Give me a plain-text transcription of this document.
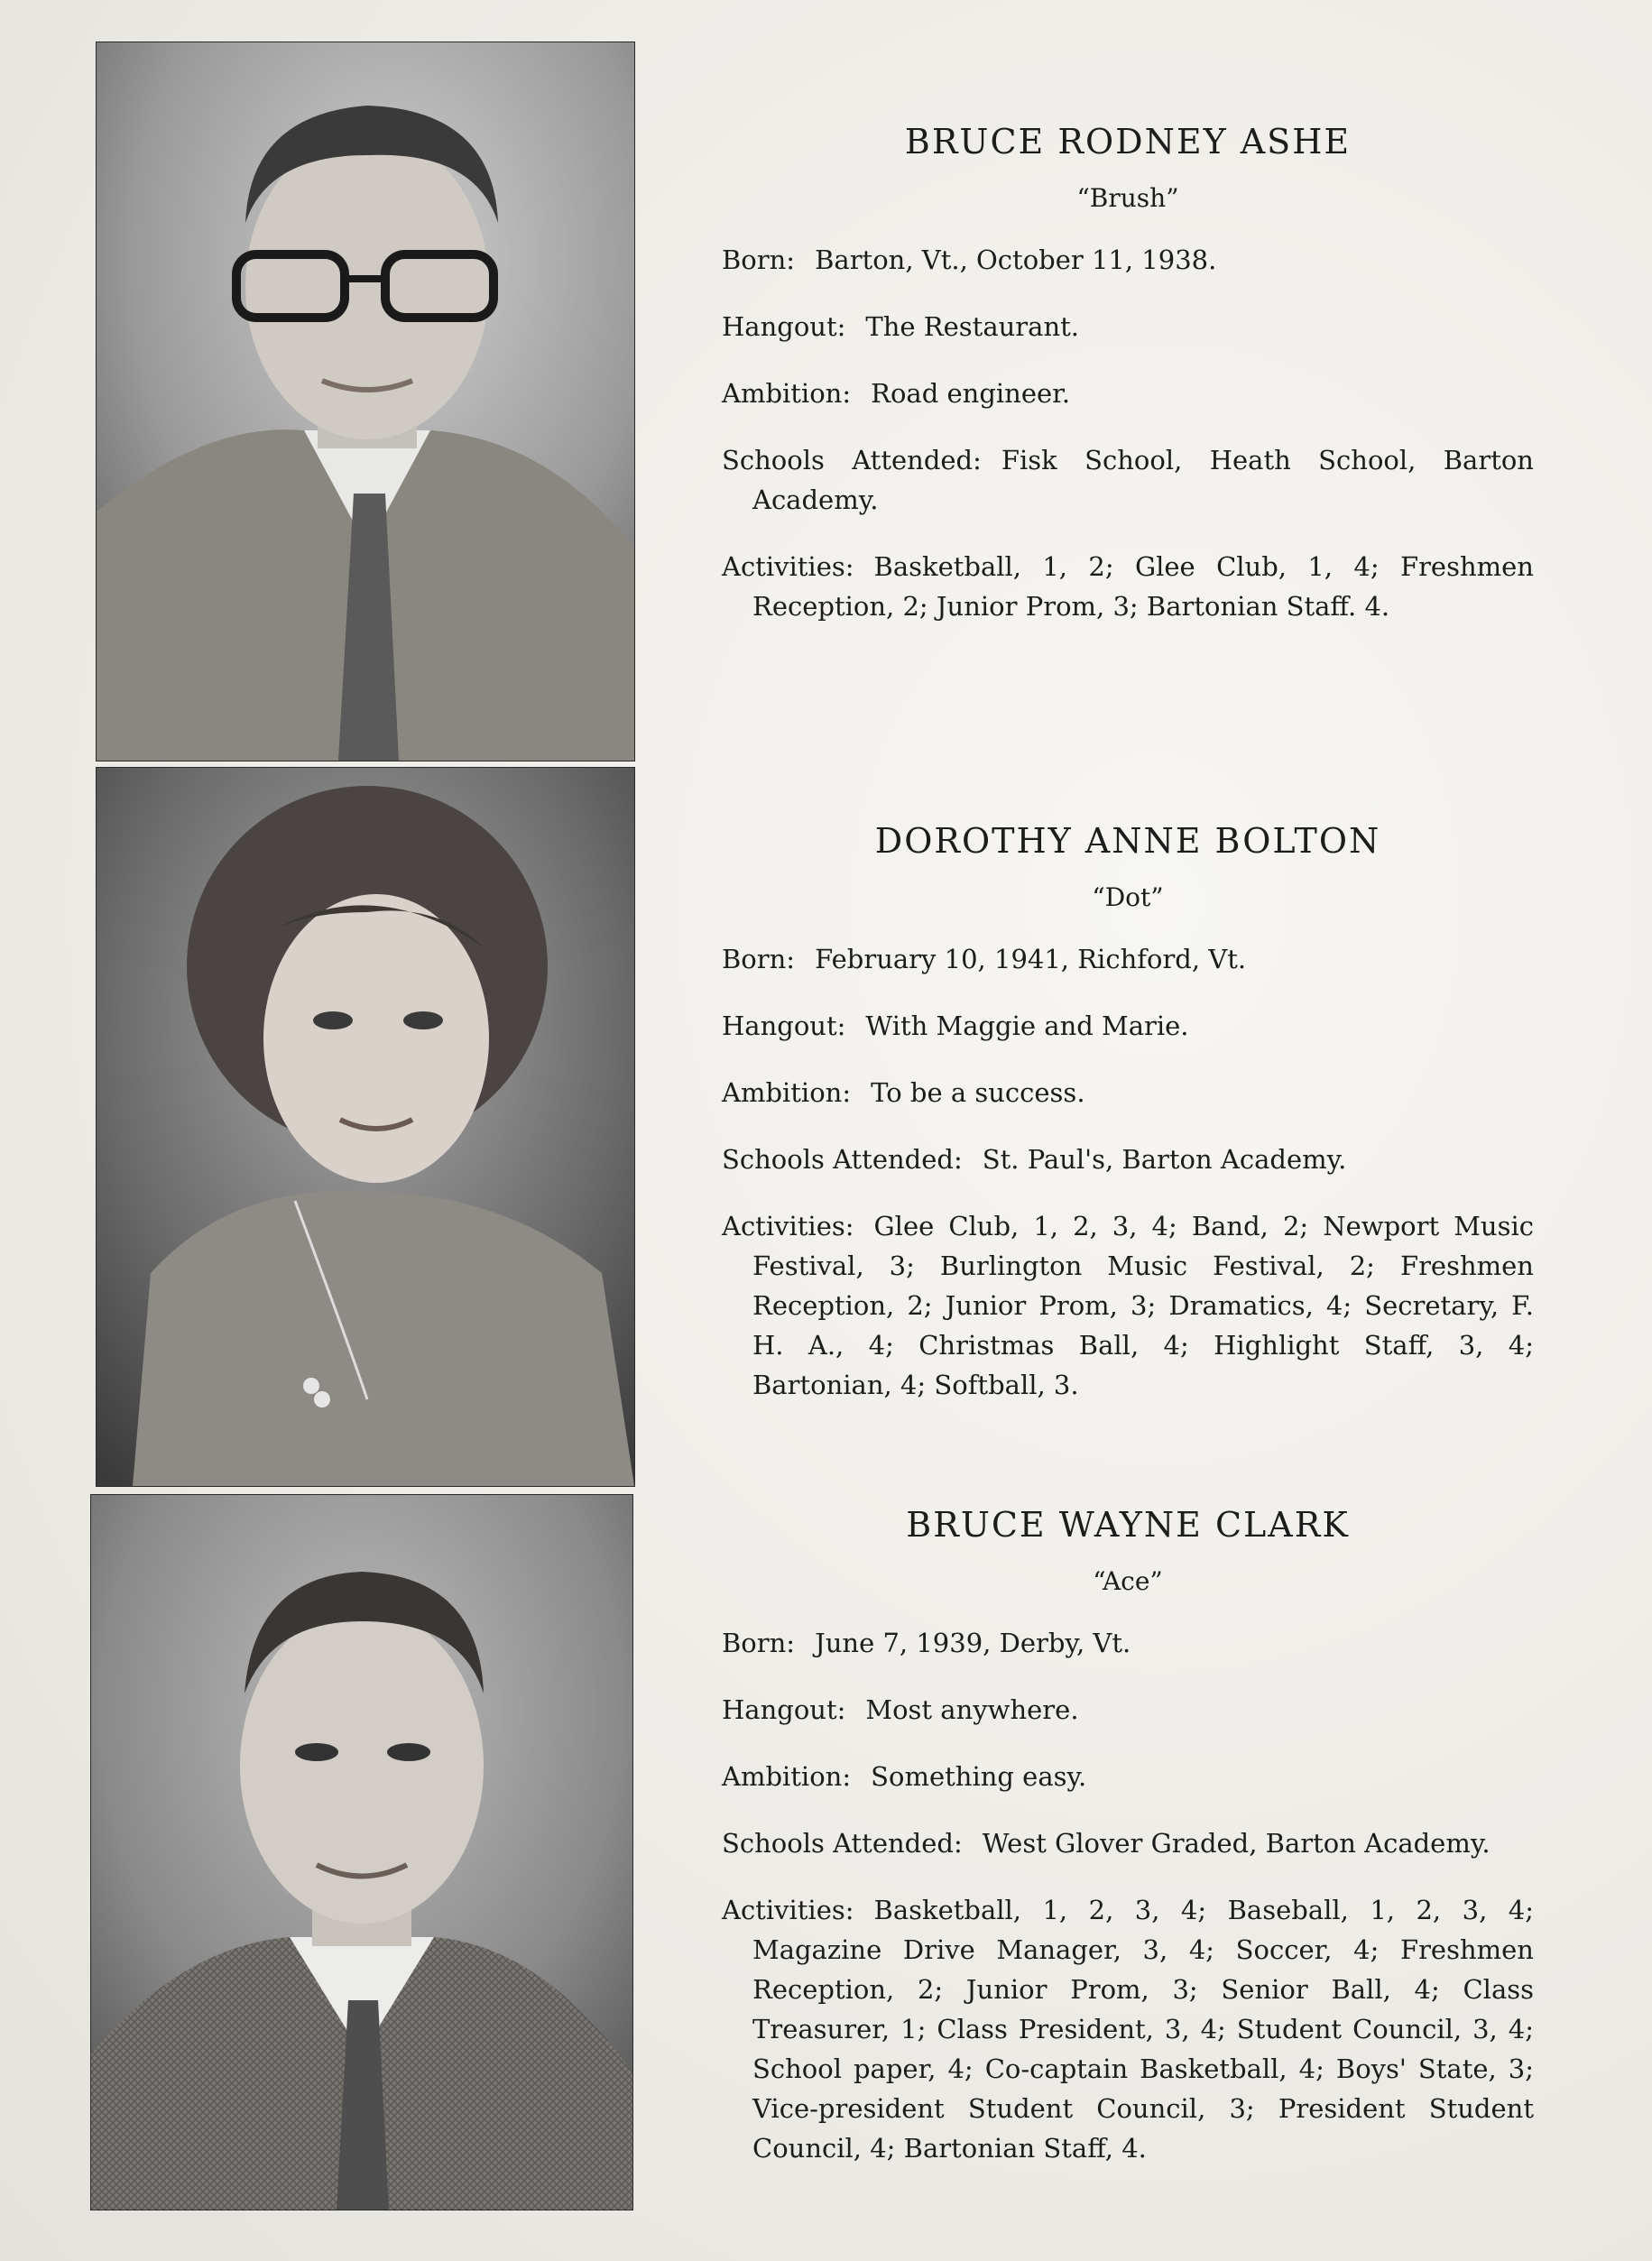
BRUCE RODNEY ASHE
“Brush”
Born: Barton, Vt., October 11, 1938.
Hangout: The Restaurant.
Ambition: Road engineer.
Schools Attended: Fisk School, Heath School, Barton Academy.
Activities: Basketball, 1, 2; Glee Club, 1, 4; Freshmen Reception, 2; Junior Prom, 3; Bartonian Staff. 4.
DOROTHY ANNE BOLTON
“Dot”
Born: February 10, 1941, Richford, Vt.
Hangout: With Maggie and Marie.
Ambition: To be a success.
Schools Attended: St. Paul's, Barton Academy.
Activities: Glee Club, 1, 2, 3, 4; Band, 2; Newport Music Festival, 3; Burlington Music Festival, 2; Freshmen Reception, 2; Junior Prom, 3; Dramatics, 4; Secretary, F. H. A., 4; Christmas Ball, 4; Highlight Staff, 3, 4; Bartonian, 4; Softball, 3.
BRUCE WAYNE CLARK
“Ace”
Born: June 7, 1939, Derby, Vt.
Hangout: Most anywhere.
Ambition: Something easy.
Schools Attended: West Glover Graded, Barton Academy.
Activities: Basketball, 1, 2, 3, 4; Baseball, 1, 2, 3, 4; Magazine Drive Manager, 3, 4; Soccer, 4; Freshmen Reception, 2; Junior Prom, 3; Senior Ball, 4; Class Treasurer, 1; Class President, 3, 4; Student Council, 3, 4; School paper, 4; Co-captain Basketball, 4; Boys' State, 3; Vice-president Student Council, 3; President Student Council, 4; Bartonian Staff, 4.
